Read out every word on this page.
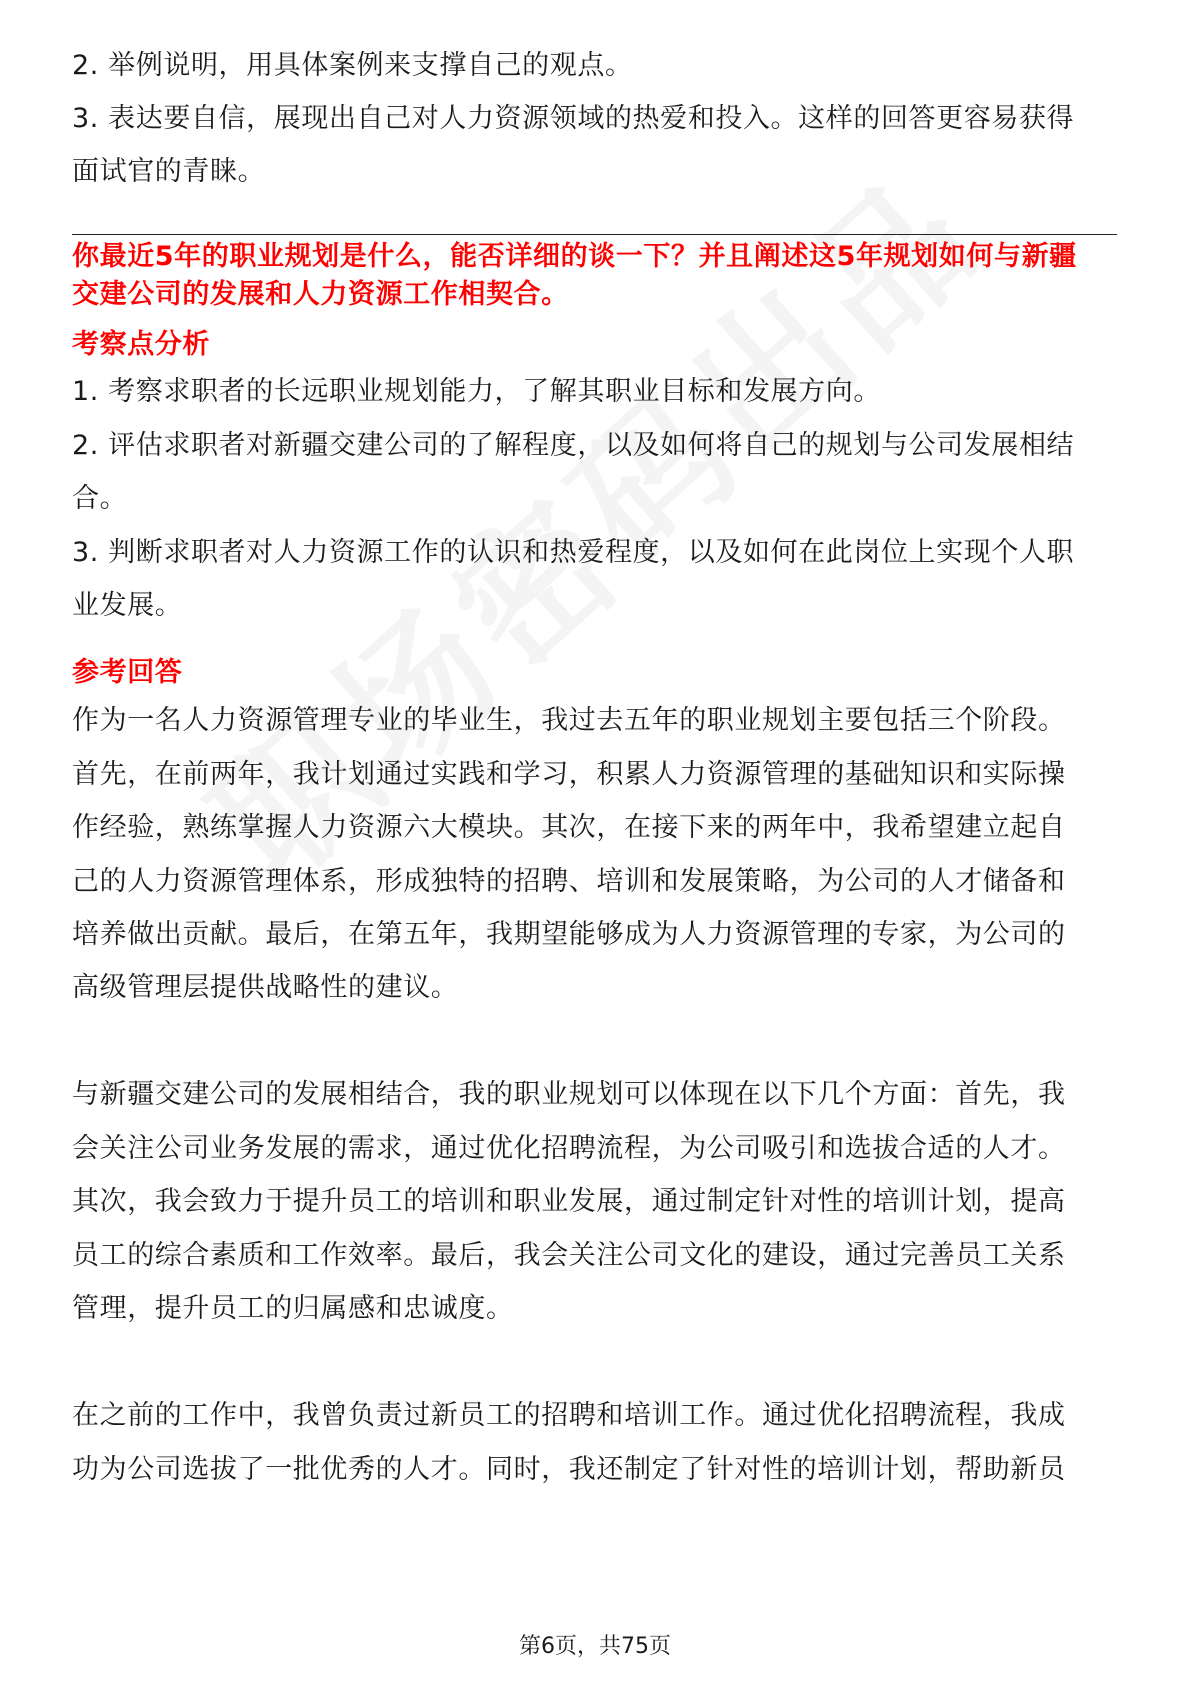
2. 举例说明，用具体案例来支撑自己的观点。
3. 表达要自信，展现出自己对人力资源领域的热爱和投入。这样的回答更容易获得
面试官的青睐。
你最近5年的职业规划是什么，能否详细的谈一下？并且阐述这5年规划如何与新疆
交建公司的发展和人力资源工作相契合。
考察点分析
1. 考察求职者的长远职业规划能力，了解其职业目标和发展方向。
2. 评估求职者对新疆交建公司的了解程度，以及如何将自己的规划与公司发展相结
合。
3. 判断求职者对人力资源工作的认识和热爱程度，以及如何在此岗位上实现个人职
业发展。
参考回答
作为一名人力资源管理专业的毕业生，我过去五年的职业规划主要包括三个阶段。
首先，在前两年，我计划通过实践和学习，积累人力资源管理的基础知识和实际操
作经验，熟练掌握人力资源六大模块。其次，在接下来的两年中，我希望建立起自
己的人力资源管理体系，形成独特的招聘、培训和发展策略，为公司的人才储备和
培养做出贡献。最后，在第五年，我期望能够成为人力资源管理的专家，为公司的
高级管理层提供战略性的建议。
与新疆交建公司的发展相结合，我的职业规划可以体现在以下几个方面：首先，我
会关注公司业务发展的需求，通过优化招聘流程，为公司吸引和选拔合适的人才。
其次，我会致力于提升员工的培训和职业发展，通过制定针对性的培训计划，提高
员工的综合素质和工作效率。最后，我会关注公司文化的建设，通过完善员工关系
管理，提升员工的归属感和忠诚度。
在之前的工作中，我曾负责过新员工的招聘和培训工作。通过优化招聘流程，我成
功为公司选拔了一批优秀的人才。同时，我还制定了针对性的培训计划，帮助新员
第6页，共75页
